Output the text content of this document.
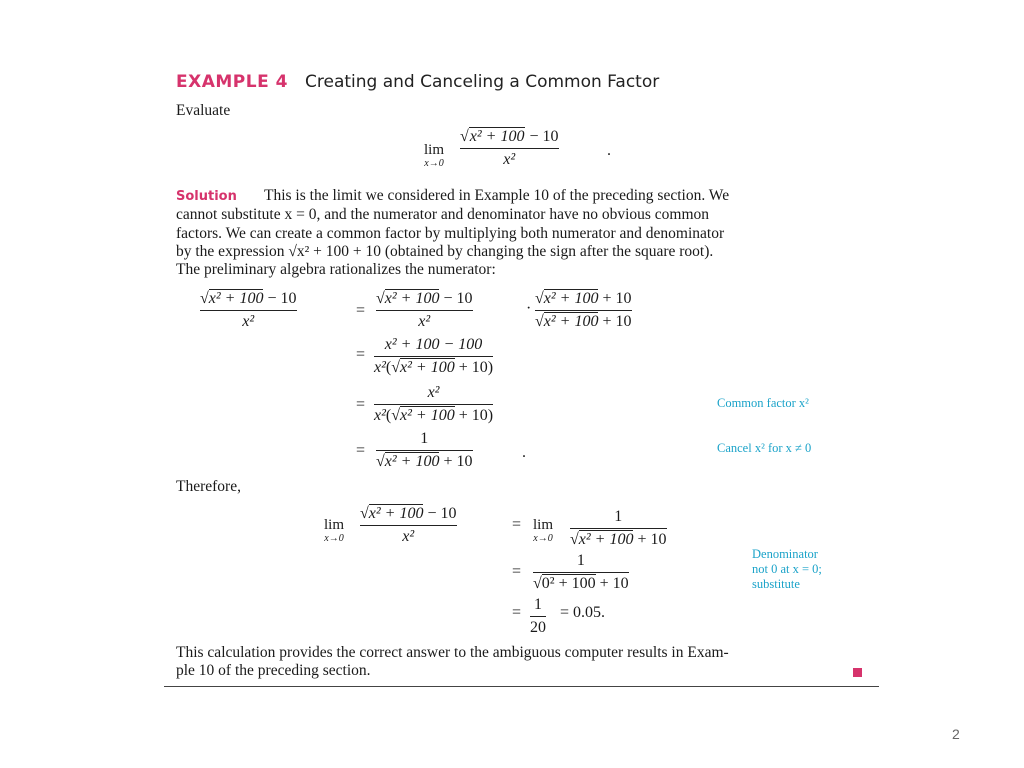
EXAMPLE 4 Creating and Canceling a Common Factor
Evaluate
lim
x→0
√x² + 100 − 10
x²
.
Solution This is the limit we considered in Example 10 of the preceding section. We
cannot substitute x = 0, and the numerator and denominator have no obvious common
factors. We can create a common factor by multiplying both numerator and denominator
by the expression √x² + 100 + 10 (obtained by changing the sign after the square root).
The preliminary algebra rationalizes the numerator:
√x² + 100 − 10
x²
=
√x² + 100 − 10
x²
·
√x² + 100 + 10
√x² + 100 + 10
=
x² + 100 − 100
x²(√x² + 100 + 10)
=
x²
x²(√x² + 100 + 10)
Common factor x²
=
1
√x² + 100 + 10
.	Cancel x² for x ≠ 0
Therefore,
lim
x→0
√x² + 100 − 10
x²
= lim
x→0
1
√x² + 100 + 10
=
1
√0² + 100 + 10
Denominator
not 0 at x = 0;
substitute
= 1
20
= 0.05.
This calculation provides the correct answer to the ambiguous computer results in Exam-
ple 10 of the preceding section.
2
